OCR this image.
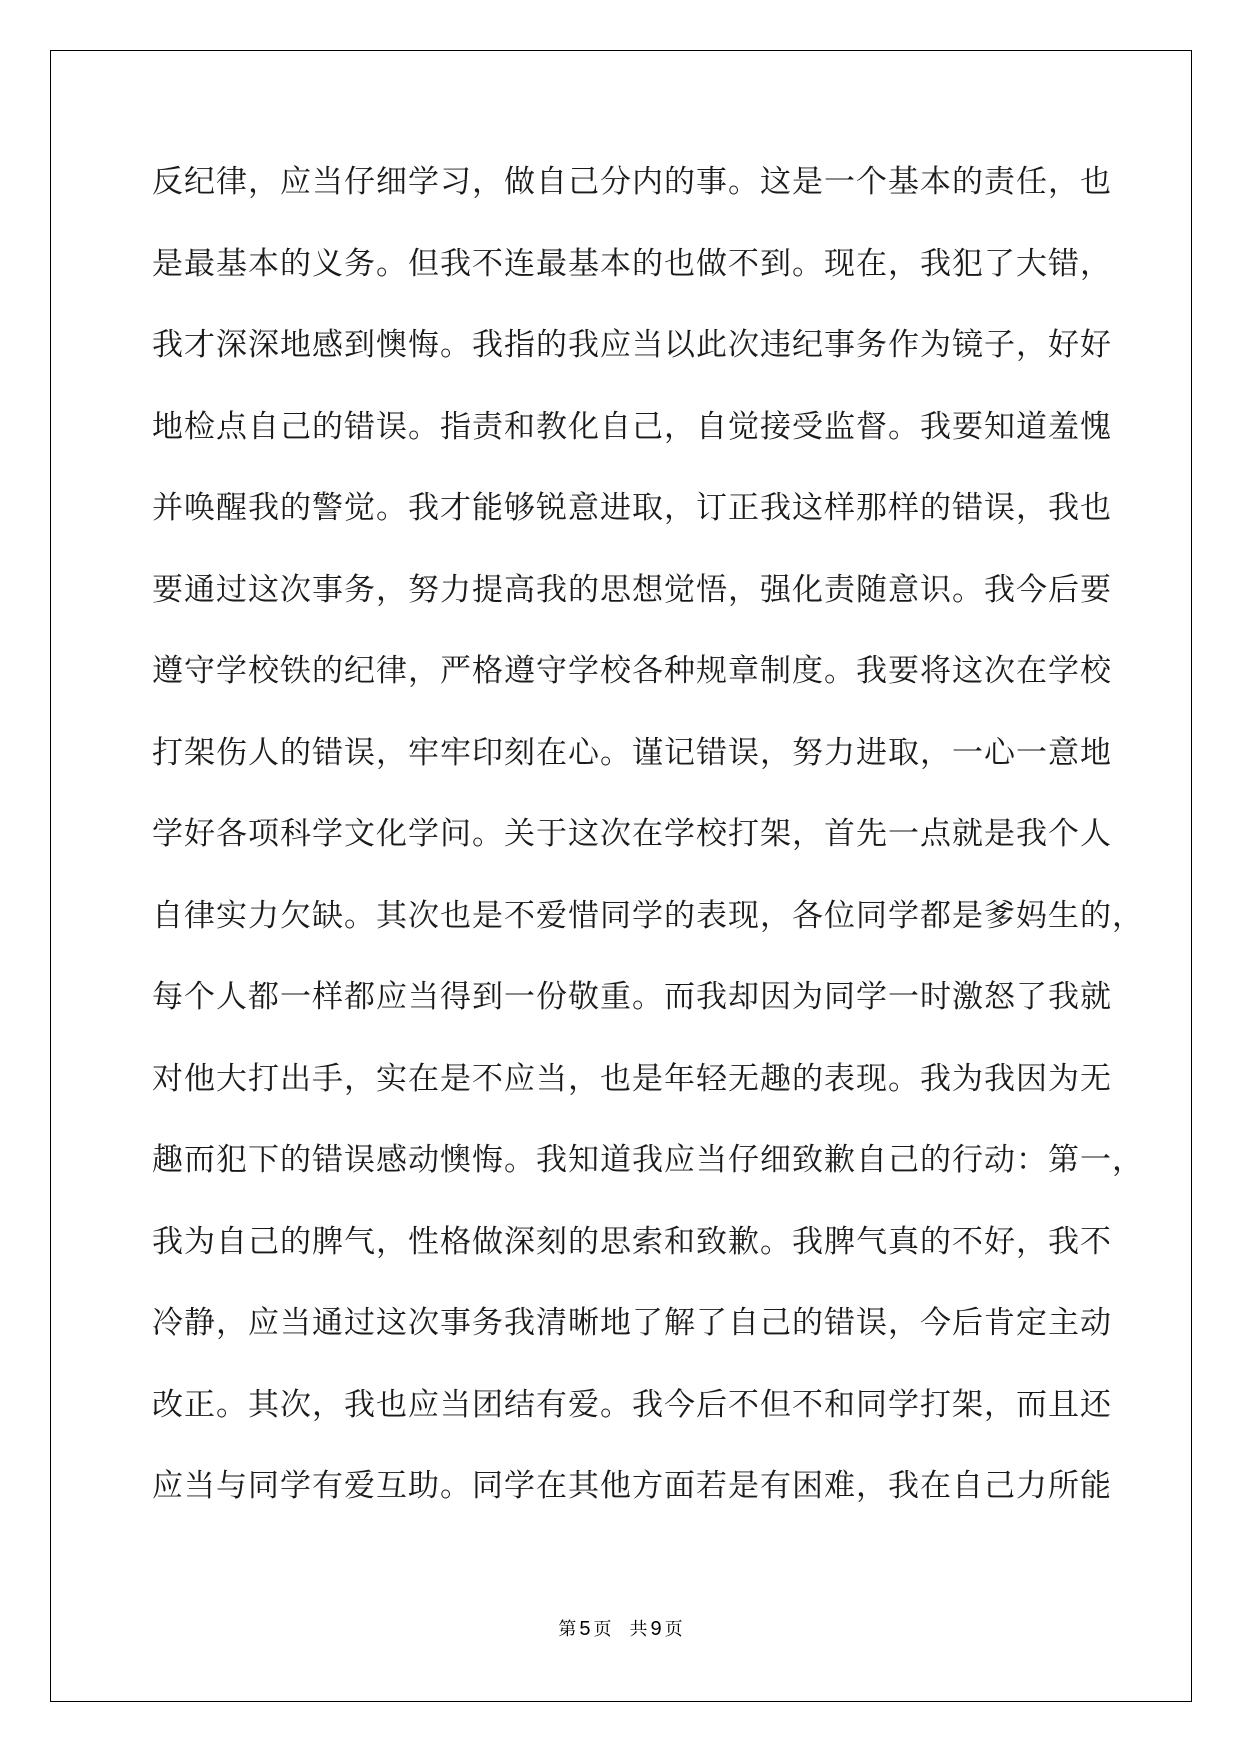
反纪律，应当仔细学习，做自己分内的事。这是一个基本的责任，也
是最基本的义务。但我不连最基本的也做不到。现在，我犯了大错，
我才深深地感到懊悔。我指的我应当以此次违纪事务作为镜子，好好
地检点自己的错误。指责和教化自己，自觉接受监督。我要知道羞愧
并唤醒我的警觉。我才能够锐意进取，订正我这样那样的错误，我也
要通过这次事务，努力提高我的思想觉悟，强化责随意识。我今后要
遵守学校铁的纪律，严格遵守学校各种规章制度。我要将这次在学校
打架伤人的错误，牢牢印刻在心。谨记错误，努力进取，一心一意地
学好各项科学文化学问。关于这次在学校打架，首先一点就是我个人
自律实力欠缺。其次也是不爱惜同学的表现，各位同学都是爹妈生的，
每个人都一样都应当得到一份敬重。而我却因为同学一时激怒了我就
对他大打出手，实在是不应当，也是年轻无趣的表现。我为我因为无
趣而犯下的错误感动懊悔。我知道我应当仔细致歉自己的行动：第一，
我为自己的脾气，性格做深刻的思索和致歉。我脾气真的不好，我不
冷静，应当通过这次事务我清晰地了解了自己的错误，今后肯定主动
改正。其次，我也应当团结有爱。我今后不但不和同学打架，而且还
应当与同学有爱互助。同学在其他方面若是有困难，我在自己力所能
第 5 页 共 9 页
